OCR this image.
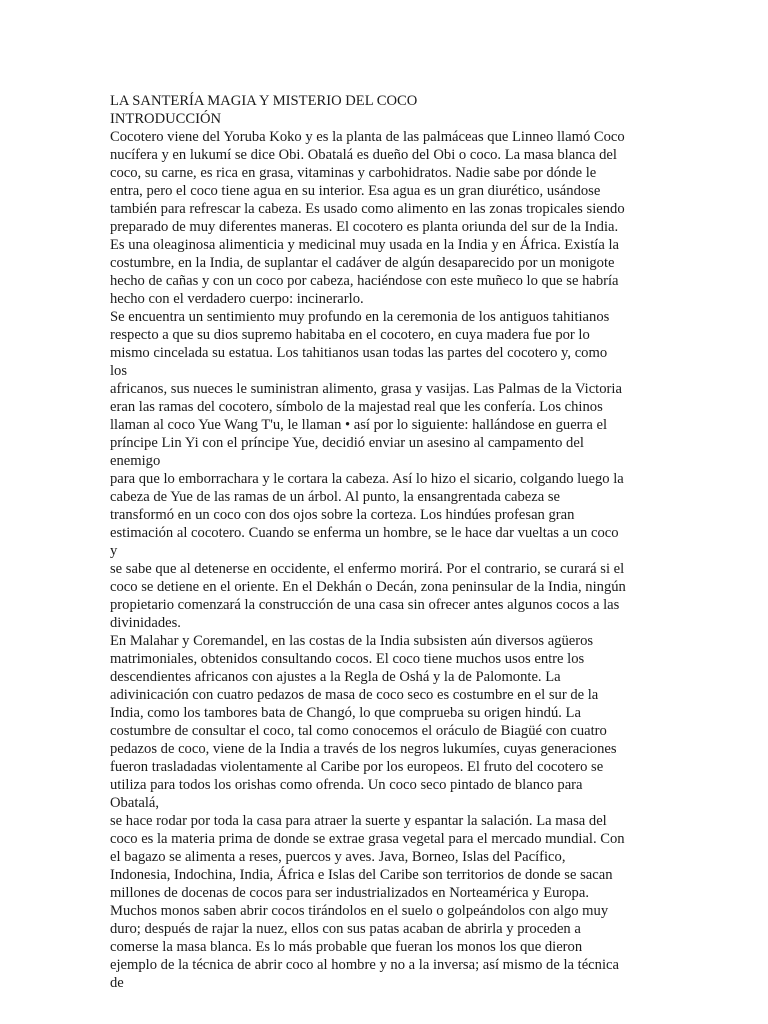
LA SANTERÍA MAGIA Y MISTERIO DEL COCO
INTRODUCCIÓN
Cocotero viene del Yoruba Koko y es la planta de las palmáceas que Linneo llamó Coco
nucífera y en lukumí se dice Obi. Obatalá es dueño del Obi o coco. La masa blanca del
coco, su carne, es rica en grasa, vitaminas y carbohidratos. Nadie sabe por dónde le
entra, pero el coco tiene agua en su interior. Esa agua es un gran diurético, usándose
también para refrescar la cabeza. Es usado como alimento en las zonas tropicales siendo
preparado de muy diferentes maneras. El cocotero es planta oriunda del sur de la India.
Es una oleaginosa alimenticia y medicinal muy usada en la India y en África. Existía la
costumbre, en la India, de suplantar el cadáver de algún desaparecido por un monigote
hecho de cañas y con un coco por cabeza, haciéndose con este muñeco lo que se habría
hecho con el verdadero cuerpo: incinerarlo.
Se encuentra un sentimiento muy profundo en la ceremonia de los antiguos tahitianos
respecto a que su dios supremo habitaba en el cocotero, en cuya madera fue por lo
mismo cincelada su estatua. Los tahitianos usan todas las partes del cocotero y, como
los
africanos, sus nueces le suministran alimento, grasa y vasijas. Las Palmas de la Victoria
eran las ramas del cocotero, símbolo de la majestad real que les confería. Los chinos
llaman al coco Yue Wang T'u, le llaman • así por lo siguiente: hallándose en guerra el
príncipe Lin Yi con el príncipe Yue, decidió enviar un asesino al campamento del
enemigo
para que lo emborrachara y le cortara la cabeza. Así lo hizo el sicario, colgando luego la
cabeza de Yue de las ramas de un árbol. Al punto, la ensangrentada cabeza se
transformó en un coco con dos ojos sobre la corteza. Los hindúes profesan gran
estimación al cocotero. Cuando se enferma un hombre, se le hace dar vueltas a un coco
y
se sabe que al detenerse en occidente, el enfermo morirá. Por el contrario, se curará si el
coco se detiene en el oriente. En el Dekhán o Decán, zona peninsular de la India, ningún
propietario comenzará la construcción de una casa sin ofrecer antes algunos cocos a las
divinidades.
En Malahar y Coremandel, en las costas de la India subsisten aún diversos agüeros
matrimoniales, obtenidos consultando cocos. El coco tiene muchos usos entre los
descendientes africanos con ajustes a la Regla de Oshá y la de Palomonte. La
adivinicación con cuatro pedazos de masa de coco seco es costumbre en el sur de la
India, como los tambores bata de Changó, lo que comprueba su origen hindú. La
costumbre de consultar el coco, tal como conocemos el oráculo de Biagüé con cuatro
pedazos de coco, viene de la India a través de los negros lukumíes, cuyas generaciones
fueron trasladadas violentamente al Caribe por los europeos. El fruto del cocotero se
utiliza para todos los orishas como ofrenda. Un coco seco pintado de blanco para
Obatalá,
se hace rodar por toda la casa para atraer la suerte y espantar la salación. La masa del
coco es la materia prima de donde se extrae grasa vegetal para el mercado mundial. Con
el bagazo se alimenta a reses, puercos y aves. Java, Borneo, Islas del Pacífico,
Indonesia, Indochina, India, África e Islas del Caribe son territorios de donde se sacan
millones de docenas de cocos para ser industrializados en Norteamérica y Europa.
Muchos monos saben abrir cocos tirándolos en el suelo o golpeándolos con algo muy
duro; después de rajar la nuez, ellos con sus patas acaban de abrirla y proceden a
comerse la masa blanca. Es lo más probable que fueran los monos los que dieron
ejemplo de la técnica de abrir coco al hombre y no a la inversa; así mismo de la técnica
de
